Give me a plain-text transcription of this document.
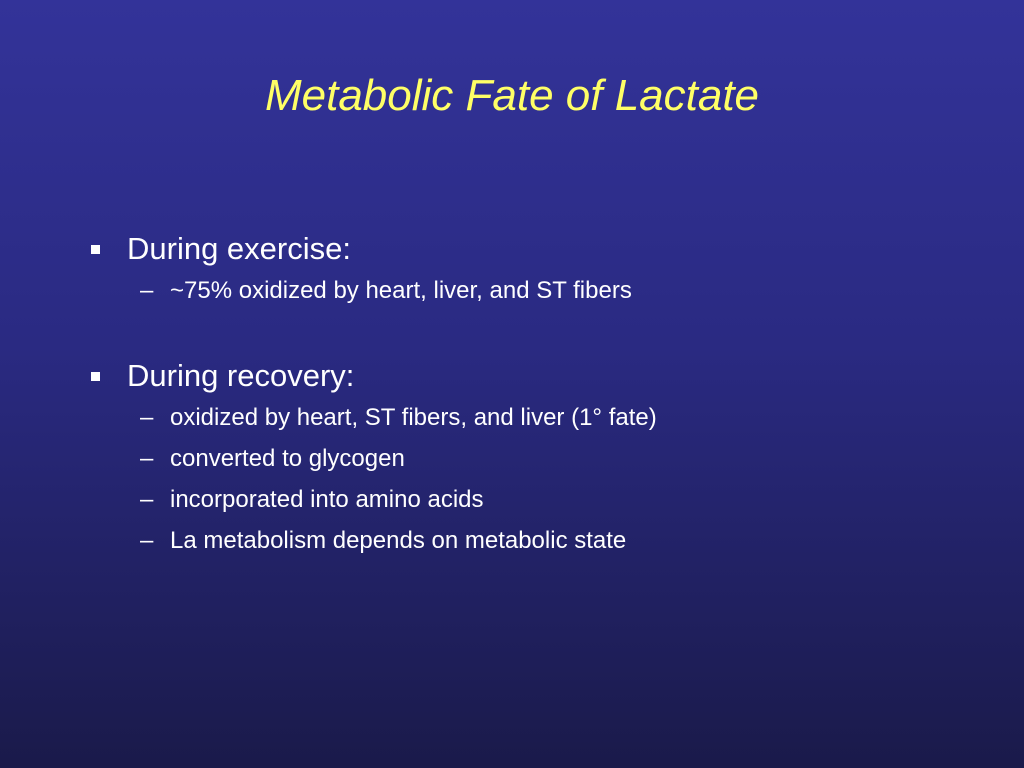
Metabolic Fate of Lactate
During exercise:
– ~75% oxidized by heart, liver, and ST fibers
During recovery:
– oxidized by heart, ST fibers, and liver (1° fate)
– converted to glycogen
– incorporated into amino acids
– La metabolism depends on metabolic state
